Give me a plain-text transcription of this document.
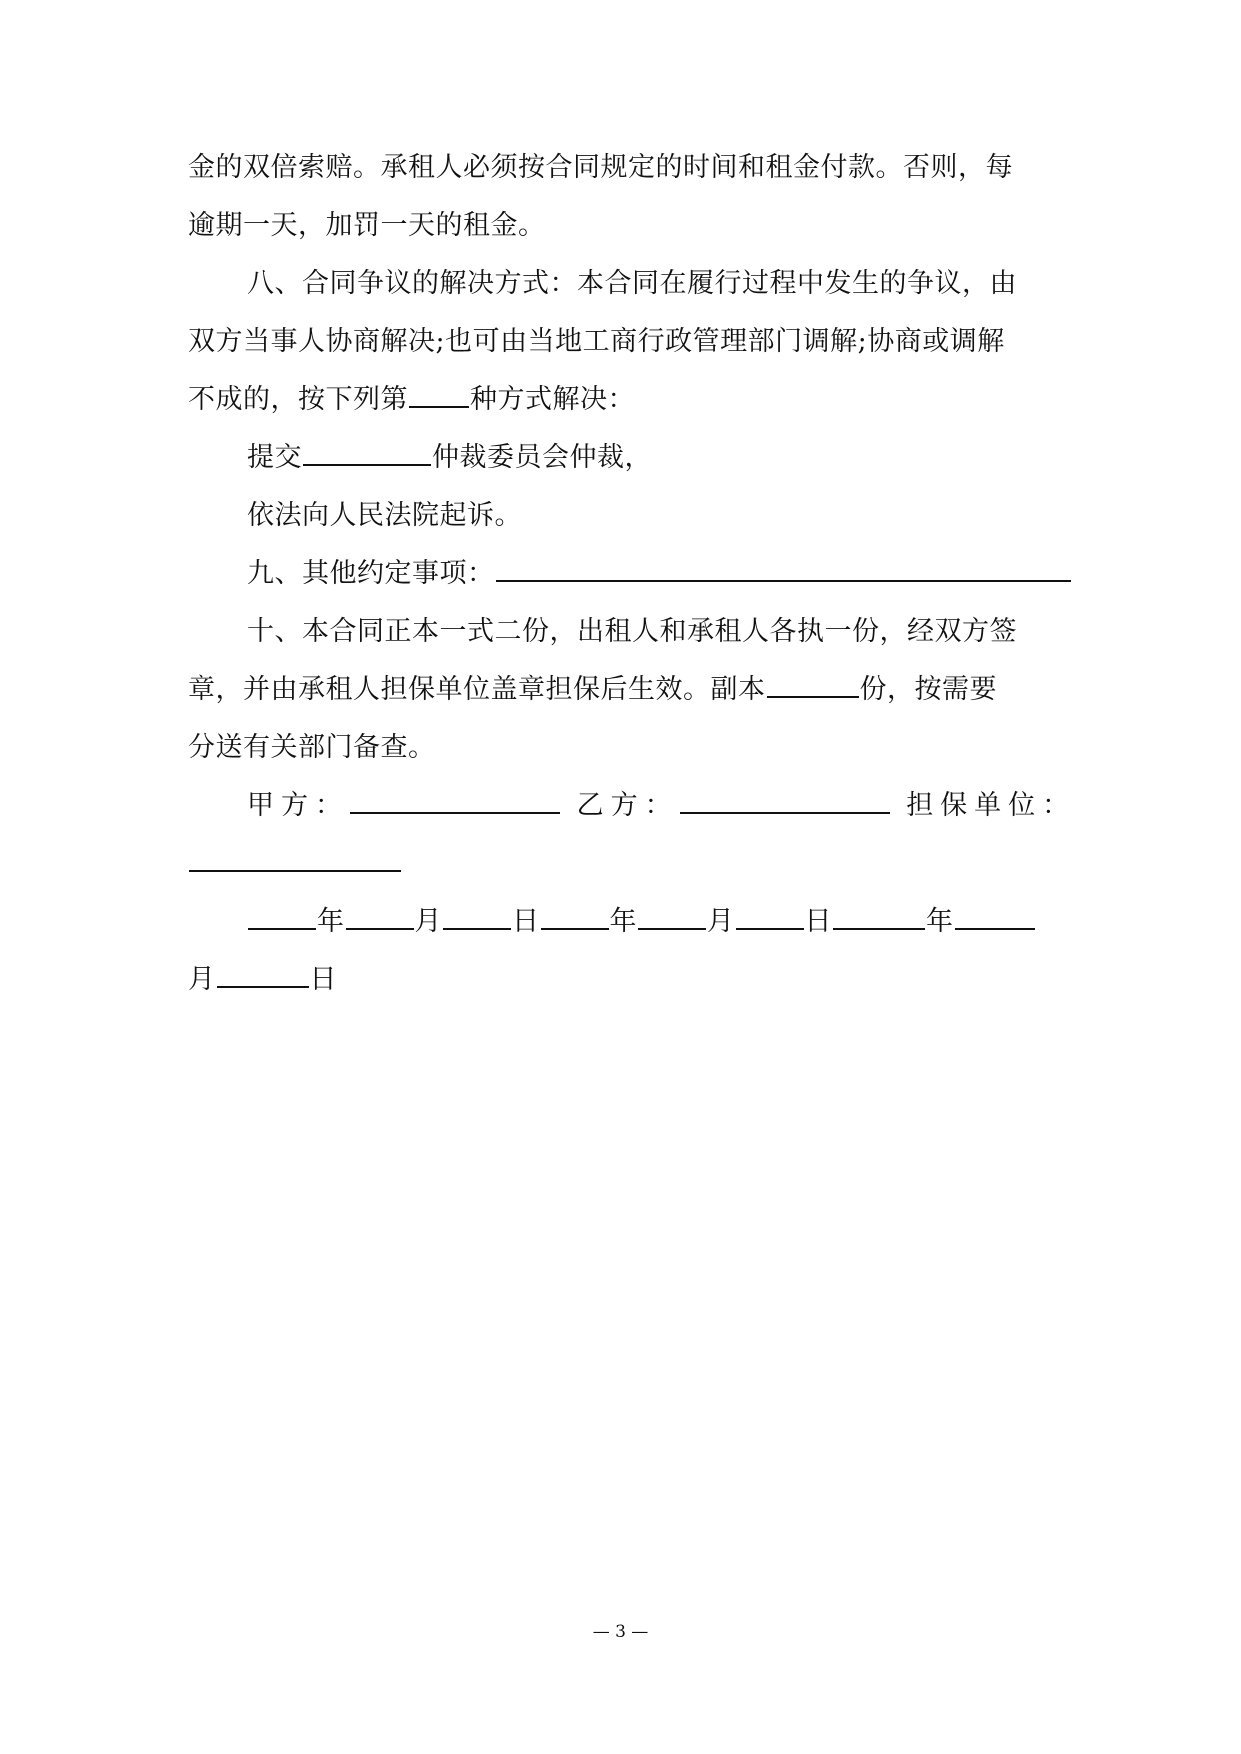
金的双倍索赔。承租人必须按合同规定的时间和租金付款。否则，每
逾期一天，加罚一天的租金。
八、合同争议的解决方式：本合同在履行过程中发生的争议，由
双方当事人协商解决;也可由当地工商行政管理部门调解;协商或调解
不成的，按下列第 种方式解决：
提交	仲裁委员会仲裁，
依法向人民法院起诉。
九、其他约定事项：
十、本合同正本一式二份，出租人和承租人各执一份，经双方签
章，并由承租人担保单位盖章担保后生效。副本	份，按需要
分送有关部门备查。
甲方：	乙方：	担保单位：
年	月	日	年	月	日	年
月	日
— 3 —
